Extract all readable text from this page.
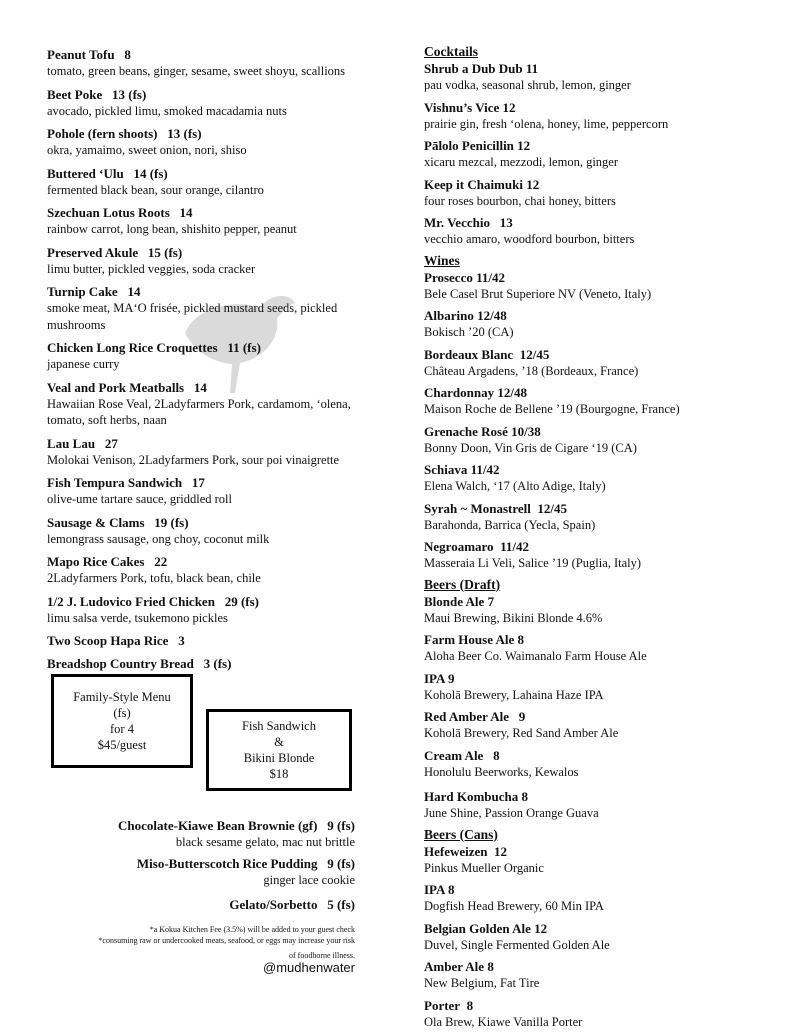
Peanut Tofu 8
tomato, green beans, ginger, sesame, sweet shoyu, scallions
Beet Poke 13 (fs)
avocado, pickled limu, smoked macadamia nuts
Pohole (fern shoots) 13 (fs)
okra, yamaimo, sweet onion, nori, shiso
Buttered ʻUlu 14 (fs)
fermented black bean, sour orange, cilantro
Szechuan Lotus Roots 14
rainbow carrot, long bean, shishito pepper, peanut
Preserved Akule 15 (fs)
limu butter, pickled veggies, soda cracker
Turnip Cake 14
smoke meat, MAʻO frisée, pickled mustard seeds, pickled mushrooms
Chicken Long Rice Croquettes 11 (fs)
japanese curry
Veal and Pork Meatballs 14
Hawaiian Rose Veal, 2Ladyfarmers Pork, cardamom, ʻolena, tomato, soft herbs, naan
Lau Lau 27
Molokai Venison, 2Ladyfarmers Pork, sour poi vinaigrette
Fish Tempura Sandwich 17
olive-ume tartare sauce, griddled roll
Sausage & Clams 19 (fs)
lemongrass sausage, ong choy, coconut milk
Mapo Rice Cakes 22
2Ladyfarmers Pork, tofu, black bean, chile
1/2 J. Ludovico Fried Chicken 29 (fs)
limu salsa verde, tsukemono pickles
Two Scoop Hapa Rice 3
Breadshop Country Bread 3 (fs)
Family-Style Menu
(fs)
for 4
$45/guest
Fish Sandwich
&
Bikini Blonde
$18
Chocolate-Kiawe Bean Brownie (gf) 9 (fs)
black sesame gelato, mac nut brittle
Miso-Butterscotch Rice Pudding 9 (fs)
ginger lace cookie
Gelato/Sorbetto 5 (fs)
*a Kokua Kitchen Fee (3.5%) will be added to your guest check
*consuming raw or undercooked meats, seafood, or eggs may increase your risk
of foodborne illness.
@mudhenwater
Cocktails
Shrub a Dub Dub 11
pau vodka, seasonal shrub, lemon, ginger
Vishnu’s Vice 12
prairie gin, fresh ʻolena, honey, lime, peppercorn
Pālolo Penicillin 12
xicaru mezcal, mezzodi, lemon, ginger
Keep it Chaimuki 12
four roses bourbon, chai honey, bitters
Mr. Vecchio 13
vecchio amaro, woodford bourbon, bitters
Wines
Prosecco 11/42
Bele Casel Brut Superiore NV (Veneto, Italy)
Albarino 12/48
Bokisch ’20 (CA)
Bordeaux Blanc 12/45
Château Argadens, ’18 (Bordeaux, France)
Chardonnay 12/48
Maison Roche de Bellene ’19 (Bourgogne, France)
Grenache Rosé 10/38
Bonny Doon, Vin Gris de Cigare ‘19 (CA)
Schiava 11/42
Elena Walch, ‘17 (Alto Adige, Italy)
Syrah ~ Monastrell 12/45
Barahonda, Barrica (Yecla, Spain)
Negroamaro 11/42
Masseraia Li Veli, Salice ’19 (Puglia, Italy)
Beers (Draft)
Blonde Ale 7
Maui Brewing, Bikini Blonde 4.6%
Farm House Ale 8
Aloha Beer Co. Waimanalo Farm House Ale
IPA 9
Koholā Brewery, Lahaina Haze IPA
Red Amber Ale 9
Koholā Brewery, Red Sand Amber Ale
Cream Ale 8
Honolulu Beerworks, Kewalos
Hard Kombucha 8
June Shine, Passion Orange Guava
Beers (Cans)
Hefeweizen 12
Pinkus Mueller Organic
IPA 8
Dogfish Head Brewery, 60 Min IPA
Belgian Golden Ale 12
Duvel, Single Fermented Golden Ale
Amber Ale 8
New Belgium, Fat Tire
Porter 8
Ola Brew, Kiawe Vanilla Porter
